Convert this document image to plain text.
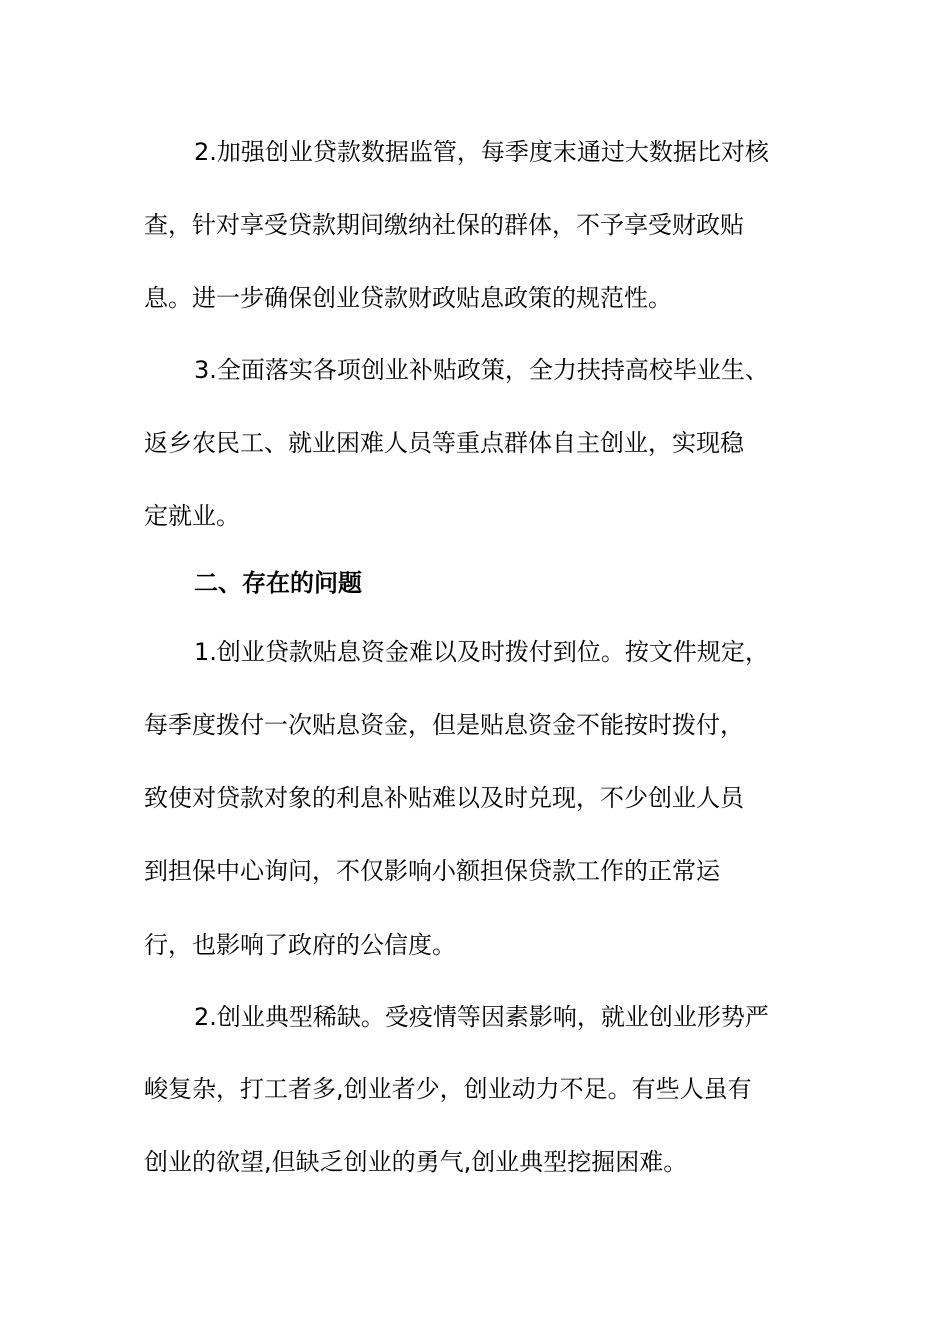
2.加强创业贷款数据监管，每季度末通过大数据比对核
查，针对享受贷款期间缴纳社保的群体，不予享受财政贴
息。进一步确保创业贷款财政贴息政策的规范性。
3.全面落实各项创业补贴政策，全力扶持高校毕业生、
返乡农民工、就业困难人员等重点群体自主创业，实现稳
定就业。
二、存在的问题
1.创业贷款贴息资金难以及时拨付到位。按文件规定，
每季度拨付一次贴息资金，但是贴息资金不能按时拨付，
致使对贷款对象的利息补贴难以及时兑现，不少创业人员
到担保中心询问，不仅影响小额担保贷款工作的正常运
行，也影响了政府的公信度。
2.创业典型稀缺。受疫情等因素影响，就业创业形势严
峻复杂，打工者多,创业者少，创业动力不足。有些人虽有
创业的欲望,但缺乏创业的勇气,创业典型挖掘困难。
